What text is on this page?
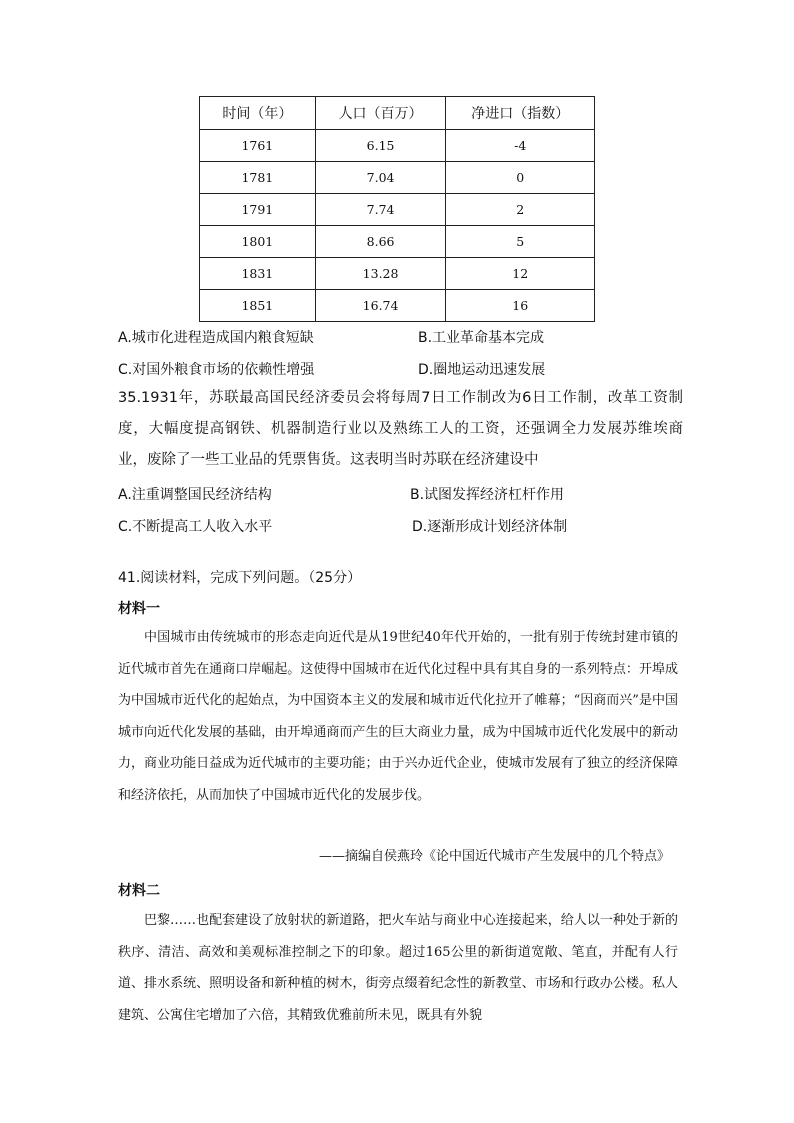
时间（年）	人口（百万）	净进口（指数）
1761	6.15	-4
1781	7.04	0
1791	7.74	2
1801	8.66	5
1831	13.28	12
1851	16.74	16
A.城市化进程造成国内粮食短缺	B.工业革命基本完成
C.对国外粮食市场的依赖性增强	D.圈地运动迅速发展
35.1931年，苏联最高国民经济委员会将每周7日工作制改为6日工作制，改革工资制度，大幅度提高钢铁、机器制造行业以及熟练工人的工资，还强调全力发展苏维埃商业，废除了一些工业品的凭票售货。这表明当时苏联在经济建设中
A.注重调整国民经济结构	B.试图发挥经济杠杆作用
C.不断提高工人收入水平	D.逐渐形成计划经济体制
41.阅读材料，完成下列问题。（25分）
材料一
中国城市由传统城市的形态走向近代是从19世纪40年代开始的，一批有别于传统封建市镇的近代城市首先在通商口岸崛起。这使得中国城市在近代化过程中具有其自身的一系列特点：开埠成为中国城市近代化的起始点，为中国资本主义的发展和城市近代化拉开了帷幕；“因商而兴”是中国城市向近代化发展的基础，由开埠通商而产生的巨大商业力量，成为中国城市近代化发展中的新动力，商业功能日益成为近代城市的主要功能；由于兴办近代企业，使城市发展有了独立的经济保障和经济依托，从而加快了中国城市近代化的发展步伐。
——摘编自侯燕玲《论中国近代城市产生发展中的几个特点》
材料二
巴黎……也配套建设了放射状的新道路，把火车站与商业中心连接起来，给人以一种处于新的秩序、清洁、高效和美观标准控制之下的印象。超过165公里的新街道宽敞、笔直，并配有人行道、排水系统、照明设备和新种植的树木，街旁点缀着纪念性的新教堂、市场和行政办公楼。私人建筑、公寓住宅增加了六倍，其精致优雅前所未见，既具有外貌
